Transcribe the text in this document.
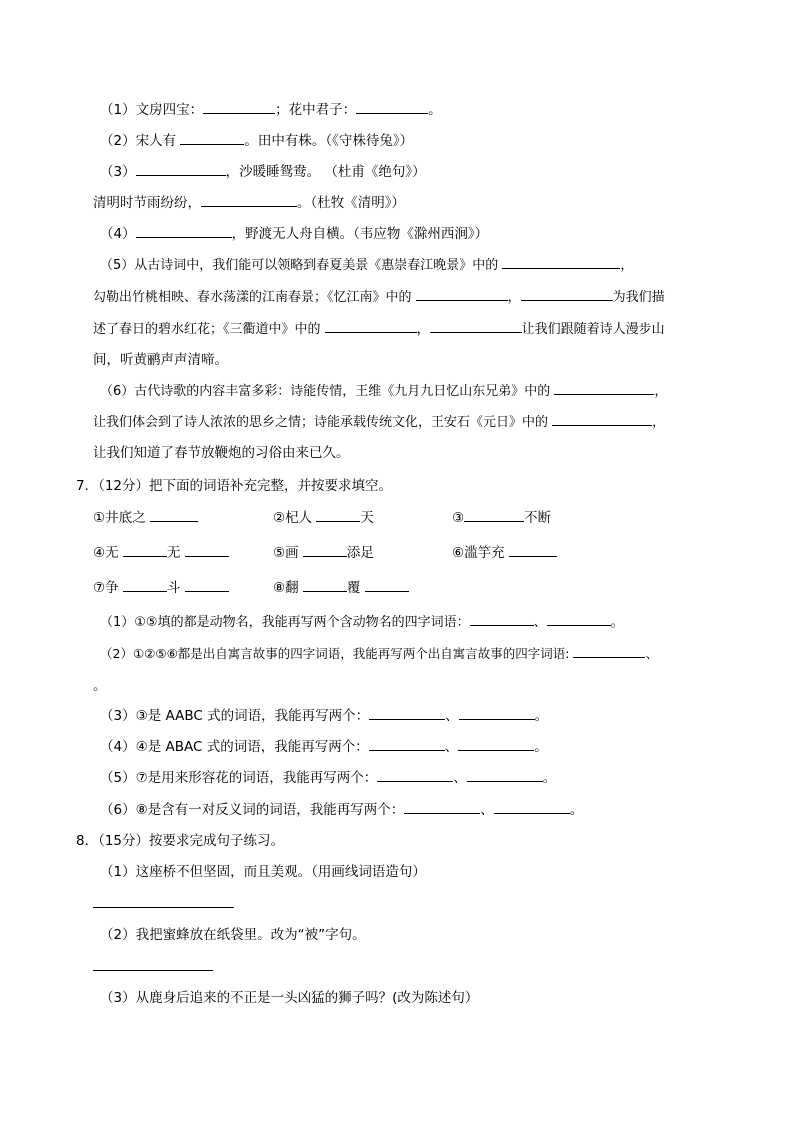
（1）文房四宝：	；花中君子：	。
（2）宋人有	。田中有株。（《守株待兔》）
（3）	，沙暖睡鸳鸯。 （杜甫《绝句》）
清明时节雨纷纷，	。（杜牧《清明》）
（4）	，野渡无人舟自横。（韦应物《滁州西涧》）
（5）从古诗词中，我们能可以领略到春夏美景《惠崇春江晚景》中的	，
勾勒出竹桃相映、春水荡漾的江南春景；《忆江南》中的	，	为我们描
述了春日的碧水红花；《三衢道中》中的	，	让我们跟随着诗人漫步山
间，听黄鹂声声清啼。
（6）古代诗歌的内容丰富多彩：诗能传情，王维《九月九日忆山东兄弟》中的	，
让我们体会到了诗人浓浓的思乡之情；诗能承载传统文化，王安石《元日》中的	，
让我们知道了春节放鞭炮的习俗由来已久。
7．（12分）把下面的词语补充完整，并按要求填空。
①井底之	②杞人	天	③	不断
④无	无	⑤画	添足	⑥滥竽充
⑦争	斗	⑧翻	覆
（1）①⑤填的都是动物名，我能再写两个含动物名的四字词语：	、	。
（2）①②⑤⑥都是出自寓言故事的四字词语，我能再写两个出自寓言故事的四字词语:	、
。
（3）③是 AABC 式的词语，我能再写两个：	、	。
（4）④是 ABAC 式的词语，我能再写两个：	、	。
（5）⑦是用来形容花的词语，我能再写两个：	、	。
（6）⑧是含有一对反义词的词语，我能再写两个：	、	。
8．（15分）按要求完成句子练习。
（1）这座桥不但坚固，而且美观。（用画线词语造句）
（2）我把蜜蜂放在纸袋里。改为“被”字句。
（3）从鹿身后追来的不正是一头凶猛的狮子吗？(改为陈述句）
